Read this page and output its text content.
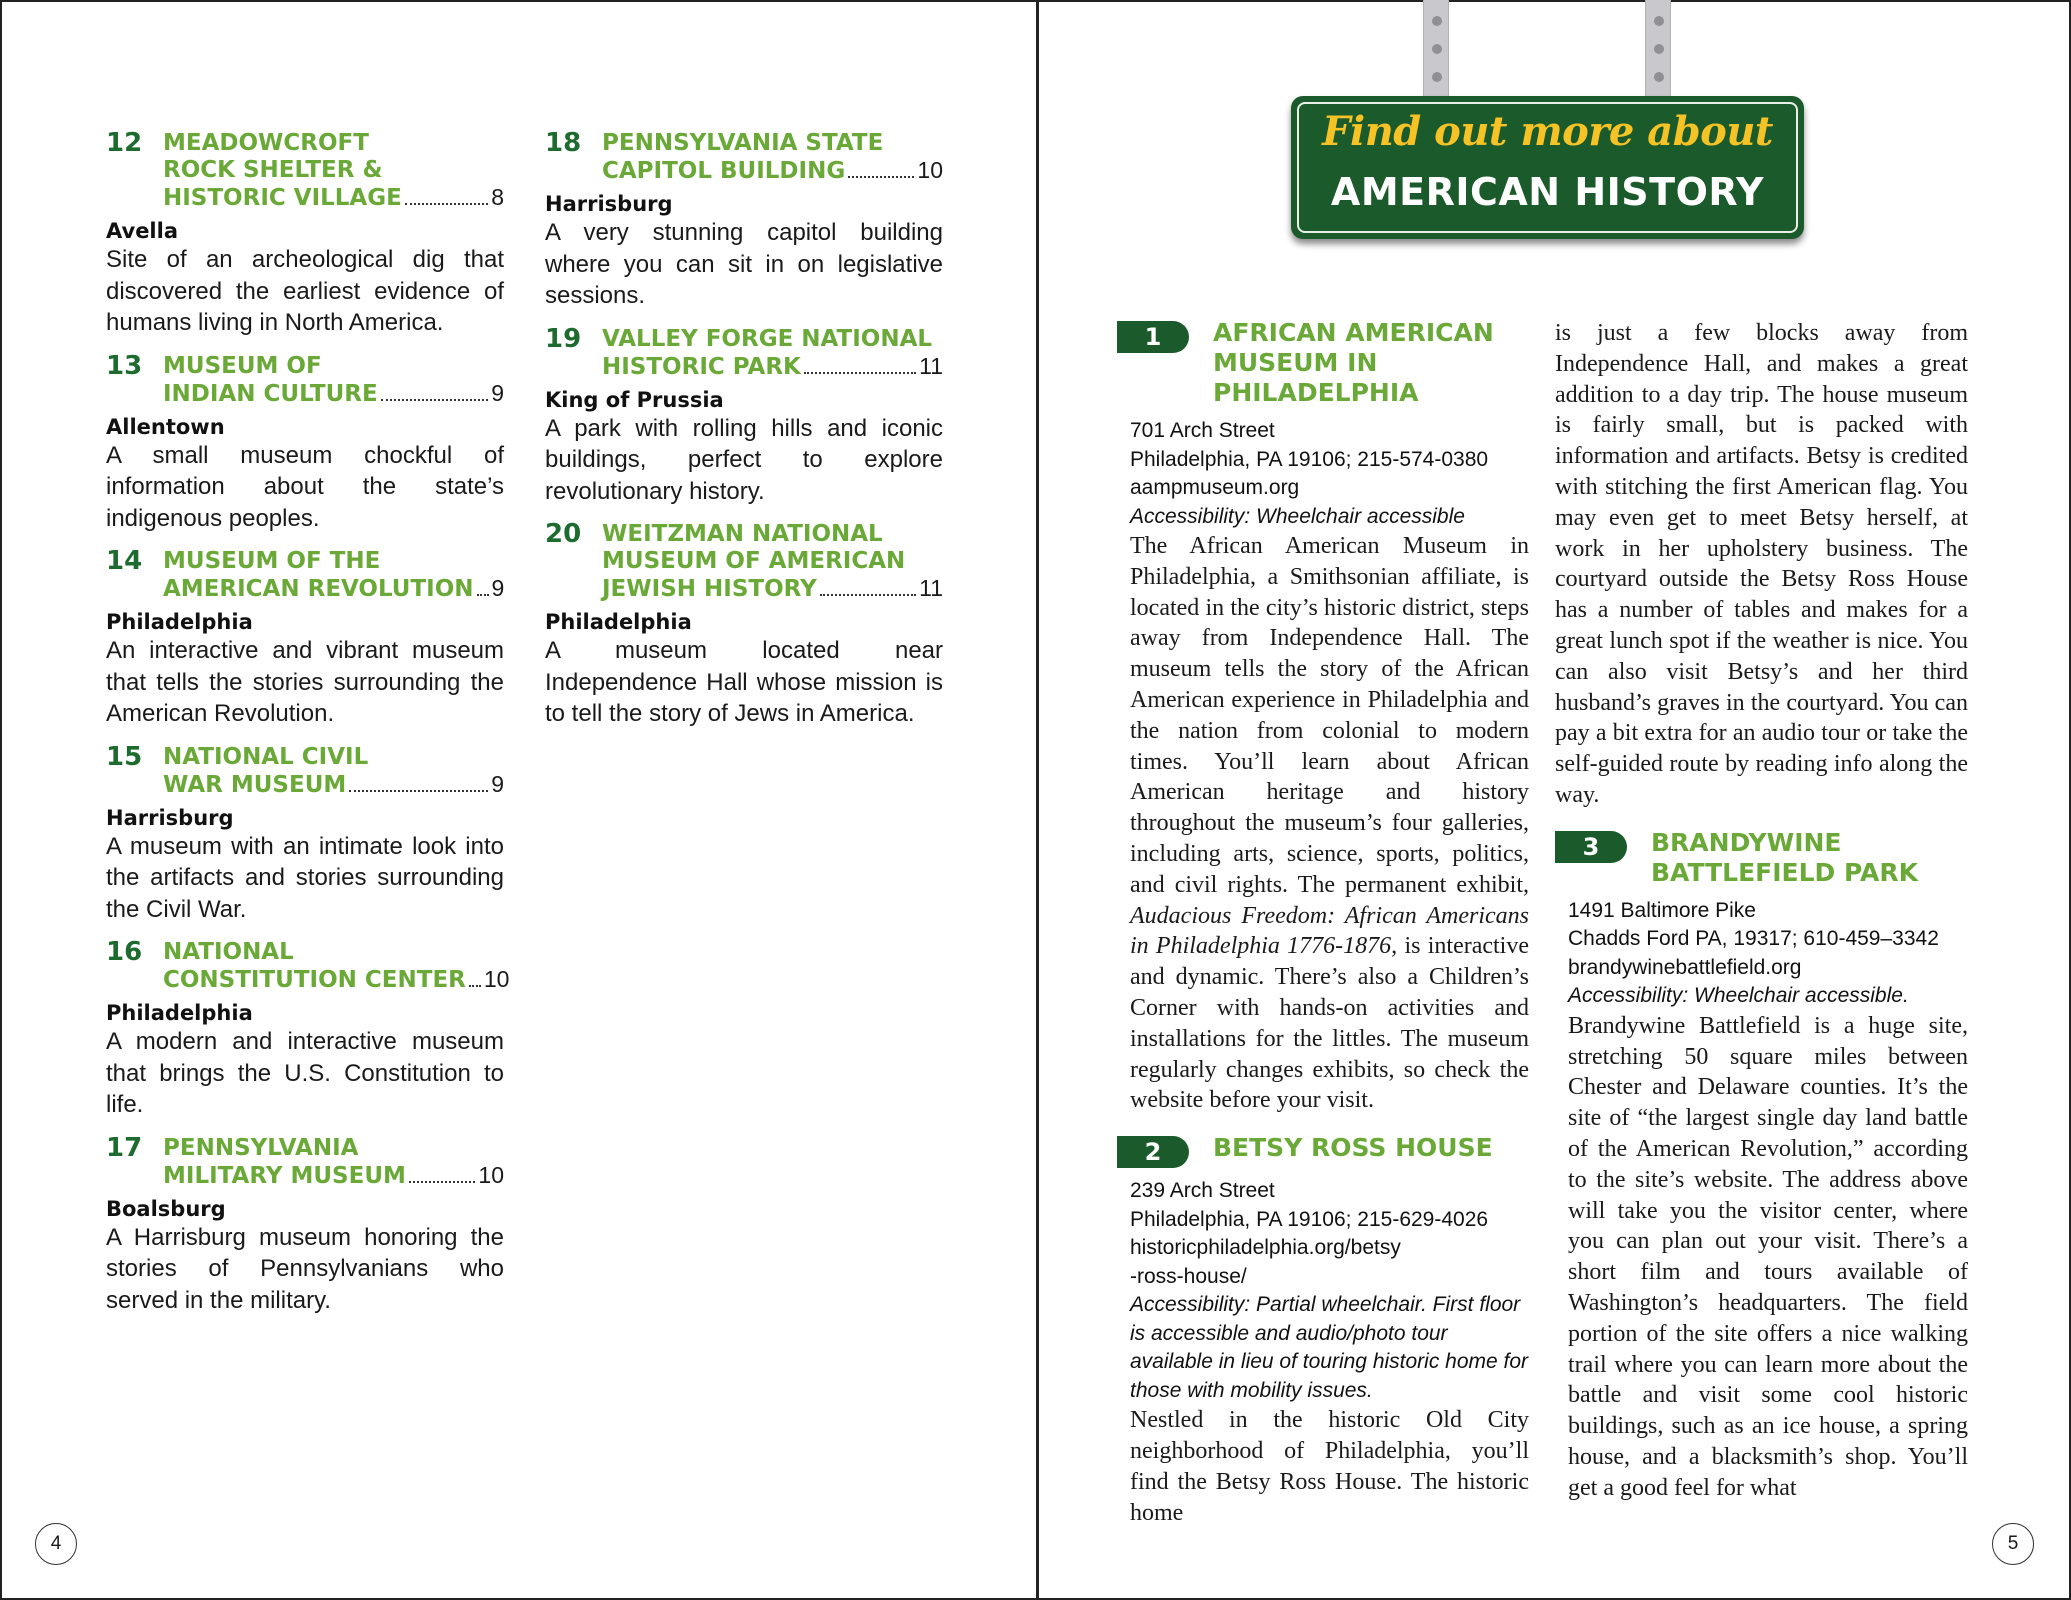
12 MEADOWCROFT
ROCK SHELTER &
HISTORIC VILLAGE	8
Avella
Site of an archeological dig that discovered the earliest evidence of humans living in North America.
13 MUSEUM OF
INDIAN CULTURE	9
Allentown
A small museum chockful of information about the state’s indigenous peoples.
14 MUSEUM OF THE
AMERICAN REVOLUTION 9
Philadelphia
An interactive and vibrant museum that tells the stories surrounding the American Revolution.
15 NATIONAL CIVIL
WAR MUSEUM	9
Harrisburg
A museum with an intimate look into the artifacts and stories surrounding the Civil War.
16 NATIONAL
CONSTITUTION CENTER 10
Philadelphia
A modern and interactive museum that brings the U.S. Constitution to life.
17 PENNSYLVANIA
MILITARY MUSEUM	10
Boalsburg
A Harrisburg museum honoring the stories of Pennsylvanians who served in the military.
18 PENNSYLVANIA STATE
CAPITOL BUILDING	10
Harrisburg
A very stunning capitol building where you can sit in on legislative sessions.
19 VALLEY FORGE NATIONAL
HISTORIC PARK	11
King of Prussia
A park with rolling hills and iconic buildings, perfect to explore revolutionary history.
20 WEITZMAN NATIONAL
MUSEUM OF AMERICAN
JEWISH HISTORY	11
Philadelphia
A museum located near Independence Hall whose mission is to tell the story of Jews in America.
4
Find out more about
AMERICAN HISTORY
1	AFRICAN AMERICAN
MUSEUM IN
PHILADELPHIA
701 Arch Street
Philadelphia, PA 19106; 215-574-0380
aampmuseum.org
Accessibility: Wheelchair accessible
The African American Museum in Philadelphia, a Smithsonian affiliate, is located in the city’s historic district, steps away from Independence Hall. The museum tells the story of the African American experience in Philadelphia and the nation from colonial to modern times. You’ll learn about African American heritage and history throughout the museum’s four galleries, including arts, science, sports, politics, and civil rights. The permanent exhibit, Audacious Freedom: African Americans in Philadelphia 1776-1876, is interactive and dynamic. There’s also a Children’s Corner with hands-on activities and installations for the littles. The museum regularly changes exhibits, so check the website before your visit.
2	BETSY ROSS HOUSE
239 Arch Street
Philadelphia, PA 19106; 215-629-4026
historicphiladelphia.org/betsy
-ross-house/
Accessibility: Partial wheelchair. First floor is accessible and audio/photo tour available in lieu of touring historic home for those with mobility issues.
Nestled in the historic Old City neighborhood of Philadelphia, you’ll find the Betsy Ross House. The historic home
is just a few blocks away from Independence Hall, and makes a great addition to a day trip. The house museum is fairly small, but is packed with information and artifacts. Betsy is credited with stitching the first American flag. You may even get to meet Betsy herself, at work in her upholstery business. The courtyard outside the Betsy Ross House has a number of tables and makes for a great lunch spot if the weather is nice. You can also visit Betsy’s and her third husband’s graves in the courtyard. You can pay a bit extra for an audio tour or take the self-guided route by reading info along the way.
3	BRANDYWINE
BATTLEFIELD PARK
1491 Baltimore Pike
Chadds Ford PA, 19317; 610-459–3342
brandywinebattlefield.org
Accessibility: Wheelchair accessible.
Brandywine Battlefield is a huge site, stretching 50 square miles between Chester and Delaware counties. It’s the site of “the largest single day land battle of the American Revolution,” according to the site’s website. The address above will take you the visitor center, where you can plan out your visit. There’s a short film and tours available of Washington’s headquarters. The field portion of the site offers a nice walking trail where you can learn more about the battle and visit some cool historic buildings, such as an ice house, a spring house, and a blacksmith’s shop. You’ll get a good feel for what
5
